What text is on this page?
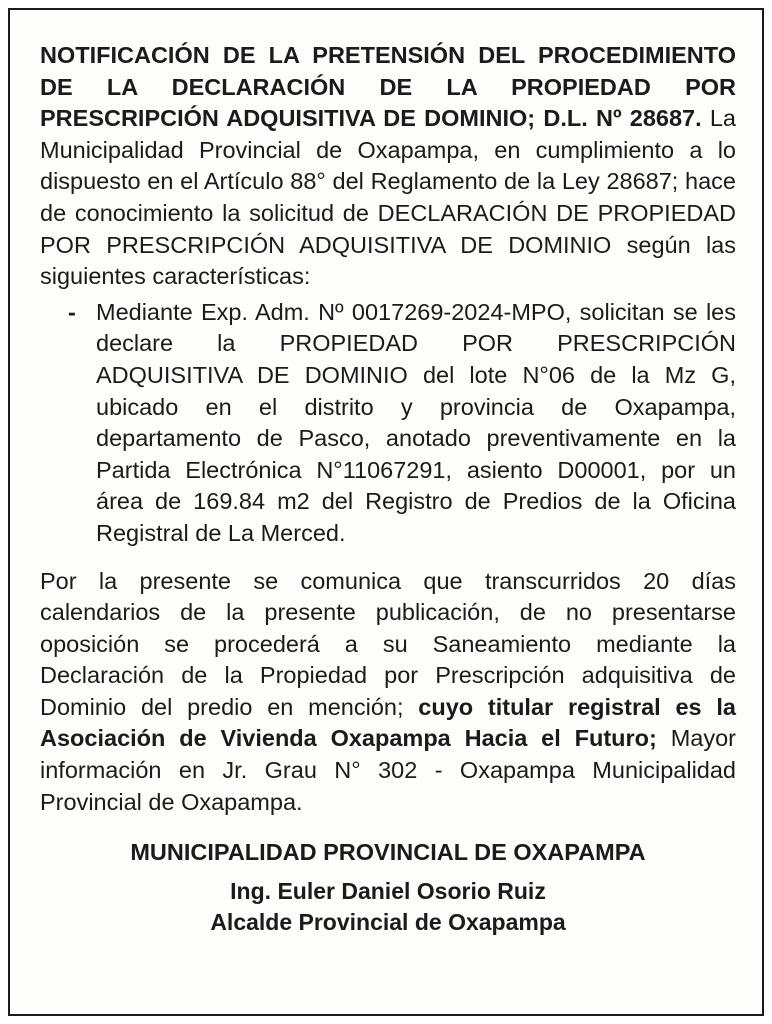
NOTIFICACIÓN DE LA PRETENSIÓN DEL PROCEDIMIENTO DE LA DECLARACIÓN DE LA PROPIEDAD POR PRESCRIPCIÓN ADQUISITIVA DE DOMINIO; D.L. Nº 28687. La Municipalidad Provincial de Oxapampa, en cumplimiento a lo dispuesto en el Artículo 88° del Reglamento de la Ley 28687; hace de conocimiento la solicitud de DECLARACIÓN DE PROPIEDAD POR PRESCRIPCIÓN ADQUISITIVA DE DOMINIO según las siguientes características:

- Mediante Exp. Adm. Nº 0017269-2024-MPO, solicitan se les declare la PROPIEDAD POR PRESCRIPCIÓN ADQUISITIVA DE DOMINIO del lote N°06 de la Mz G, ubicado en el distrito y provincia de Oxapampa, departamento de Pasco, anotado preventivamente en la Partida Electrónica N°11067291, asiento D00001, por un área de 169.84 m2 del Registro de Predios de la Oficina Registral de La Merced.

Por la presente se comunica que transcurridos 20 días calendarios de la presente publicación, de no presentarse oposición se procederá a su Saneamiento mediante la Declaración de la Propiedad por Prescripción adquisitiva de Dominio del predio en mención; cuyo titular registral es la Asociación de Vivienda Oxapampa Hacia el Futuro; Mayor información en Jr. Grau N° 302 - Oxapampa Municipalidad Provincial de Oxapampa.

MUNICIPALIDAD PROVINCIAL DE OXAPAMPA
Ing. Euler Daniel Osorio Ruiz
Alcalde Provincial de Oxapampa
